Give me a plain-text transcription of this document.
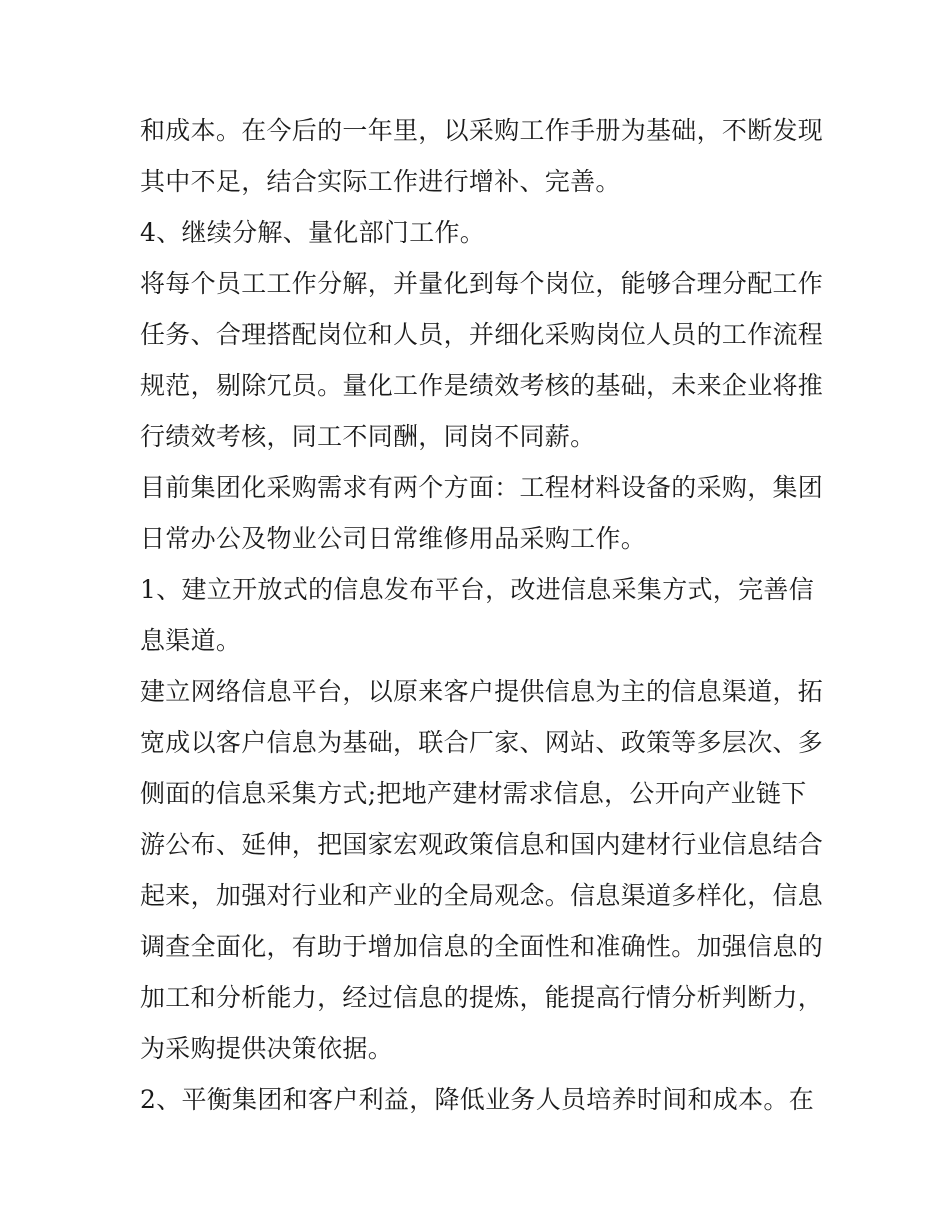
和成本。在今后的一年里，以采购工作手册为基础，不断发现
其中不足，结合实际工作进行增补、完善。
4、继续分解、量化部门工作。
将每个员工工作分解，并量化到每个岗位，能够合理分配工作
任务、合理搭配岗位和人员，并细化采购岗位人员的工作流程
规范，剔除冗员。量化工作是绩效考核的基础，未来企业将推
行绩效考核，同工不同酬，同岗不同薪。
目前集团化采购需求有两个方面：工程材料设备的采购，集团
日常办公及物业公司日常维修用品采购工作。
1、建立开放式的信息发布平台，改进信息采集方式，完善信
息渠道。
建立网络信息平台，以原来客户提供信息为主的信息渠道，拓
宽成以客户信息为基础，联合厂家、网站、政策等多层次、多
侧面的信息采集方式;把地产建材需求信息，公开向产业链下
游公布、延伸，把国家宏观政策信息和国内建材行业信息结合
起来，加强对行业和产业的全局观念。信息渠道多样化，信息
调查全面化，有助于增加信息的全面性和准确性。加强信息的
加工和分析能力，经过信息的提炼，能提高行情分析判断力，
为采购提供决策依据。
2、平衡集团和客户利益，降低业务人员培养时间和成本。在
